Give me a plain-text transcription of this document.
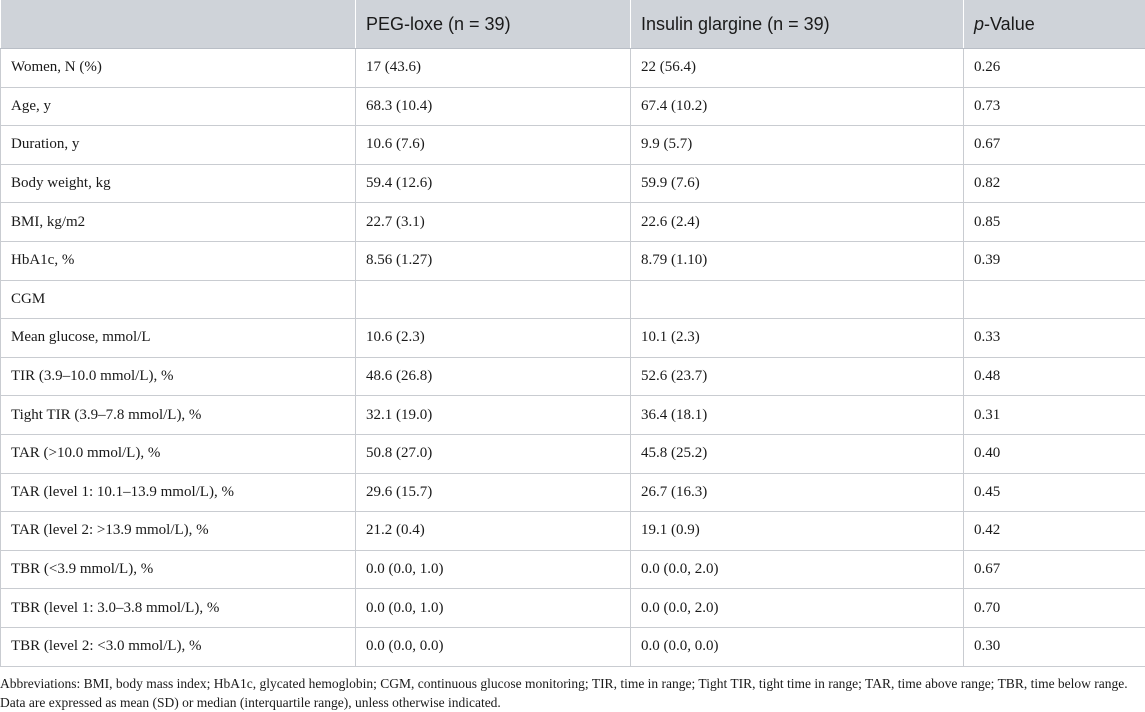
	PEG-loxe (n = 39)	Insulin glargine (n = 39)	p-Value
Women, N (%)	17 (43.6)	22 (56.4)	0.26
Age, y	68.3 (10.4)	67.4 (10.2)	0.73
Duration, y	10.6 (7.6)	9.9 (5.7)	0.67
Body weight, kg	59.4 (12.6)	59.9 (7.6)	0.82
BMI, kg/m2	22.7 (3.1)	22.6 (2.4)	0.85
HbA1c, %	8.56 (1.27)	8.79 (1.10)	0.39
CGM			
Mean glucose, mmol/L	10.6 (2.3)	10.1 (2.3)	0.33
TIR (3.9–10.0 mmol/L), %	48.6 (26.8)	52.6 (23.7)	0.48
Tight TIR (3.9–7.8 mmol/L), %	32.1 (19.0)	36.4 (18.1)	0.31
TAR (>10.0 mmol/L), %	50.8 (27.0)	45.8 (25.2)	0.40
TAR (level 1: 10.1–13.9 mmol/L), %	29.6 (15.7)	26.7 (16.3)	0.45
TAR (level 2: >13.9 mmol/L), %	21.2 (0.4)	19.1 (0.9)	0.42
TBR (<3.9 mmol/L), %	0.0 (0.0, 1.0)	0.0 (0.0, 2.0)	0.67
TBR (level 1: 3.0–3.8 mmol/L), %	0.0 (0.0, 1.0)	0.0 (0.0, 2.0)	0.70
TBR (level 2: <3.0 mmol/L), %	0.0 (0.0, 0.0)	0.0 (0.0, 0.0)	0.30

Abbreviations: BMI, body mass index; HbA1c, glycated hemoglobin; CGM, continuous glucose monitoring; TIR, time in range; Tight TIR, tight time in range; TAR, time above range; TBR, time below range. Data are expressed as mean (SD) or median (interquartile range), unless otherwise indicated.
